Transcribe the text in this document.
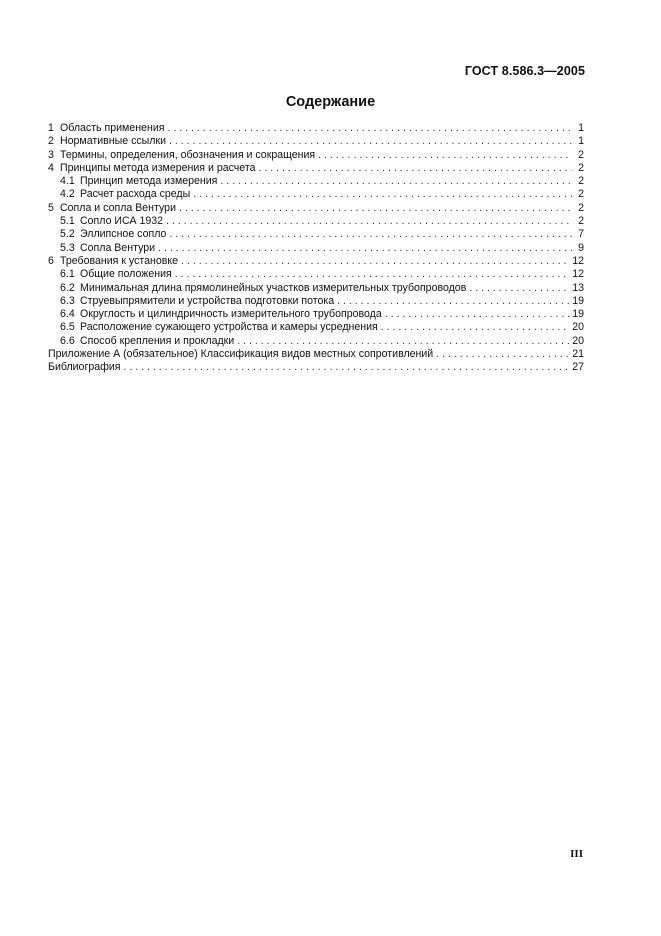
ГОСТ 8.586.3—2005
Содержание
1 Область применения . . .	1
2 Нормативные ссылки . . .	1
3 Термины, определения, обозначения и сокращения . . .	2
4 Принципы метода измерения и расчета . . .	2
4.1 Принцип метода измерения . . .	2
4.2 Расчет расхода среды . . .	2
5 Сопла и сопла Вентури . . .	2
5.1 Сопло ИСА 1932 . . .	2
5.2 Эллипсное сопло . . .	7
5.3 Сопла Вентури . . .	9
6 Требования к установке . . .	12
6.1 Общие положения . . .	12
6.2 Минимальная длина прямолинейных участков измерительных трубопроводов . . .	13
6.3 Струевыпрямители и устройства подготовки потока . . .	19
6.4 Округлость и цилиндричность измерительного трубопровода . . .	19
6.5 Расположение сужающего устройства и камеры усреднения . . .	20
6.6 Способ крепления и прокладки . . .	20
Приложение А (обязательное) Классификация видов местных сопротивлений . . .	21
Библиография . . .	27
III
